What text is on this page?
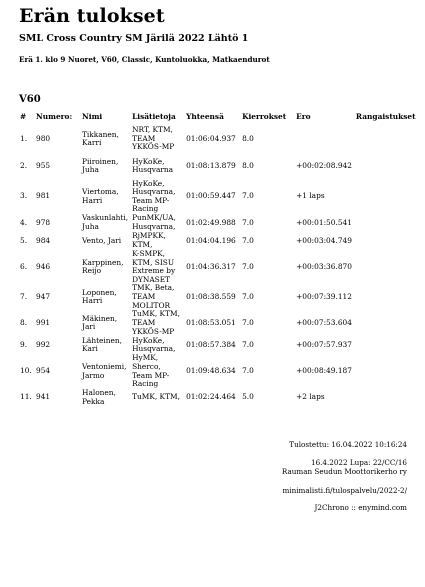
Erän tulokset
SML Cross Country SM Järilä 2022 Lähtö 1
Erä 1. klo 9 Nuoret, V60, Classic, Kuntoluokka, Matkaendurot
V60
#	Numero:	Nimi	Lisätietoja	Yhteensä	Kierrokset	Ero	Rangaistukset
1.	980	Tikkanen, Karri	NRT, KTM, TEAM YKKÖS-MP	01:06:04.937	8.0		
2.	955	Piiroinen, Juha	HyKoKe, Husqvarna	01:08:13.879	8.0	+00:02:08.942	
3.	981	Viertoma, Harri	HyKoKe, Husqvarna, Team MP-Racing	01:00:59.447	7.0	+1 laps	
4.	978	Vaskunlahti, Juha	PunMK/UA, Husqvarna,	01:02:49.988	7.0	+00:01:50.541	
5.	984	Vento, Jari	RjMPKK, KTM,	01:04:04.196	7.0	+00:03:04.749	
6.	946	Karppinen, Reijo	K-SMPK, KTM, SISU Extreme by DYNASET	01:04:36.317	7.0	+00:03:36.870	
7.	947	Loponen, Harri	TMK, Beta, TEAM MOLITOR	01:08:38.559	7.0	+00:07:39.112	
8.	991	Mäkinen, Jari	TuMK, KTM, TEAM YKKÖS-MP	01:08:53.051	7.0	+00:07:53.604	
9.	992	Lähteinen, Kari	HyKoKe, Husqvarna,	01:08:57.384	7.0	+00:07:57.937	
10.	954	Ventoniemi, Jarmo	HyMK, Sherco, Team MP-Racing	01:09:48.634	7.0	+00:08:49.187	
11.	941	Halonen, Pekka	TuMK, KTM,	01:02:24.464	5.0	+2 laps	
Tulostettu: 16.04.2022 10:16:24
16.4.2022 Lupa: 22/CC/16
Rauman Seudun Moottorikerho ry
minimalisti.fi/tulospalvelu/2022-2/
J2Chrono :: enymind.com
